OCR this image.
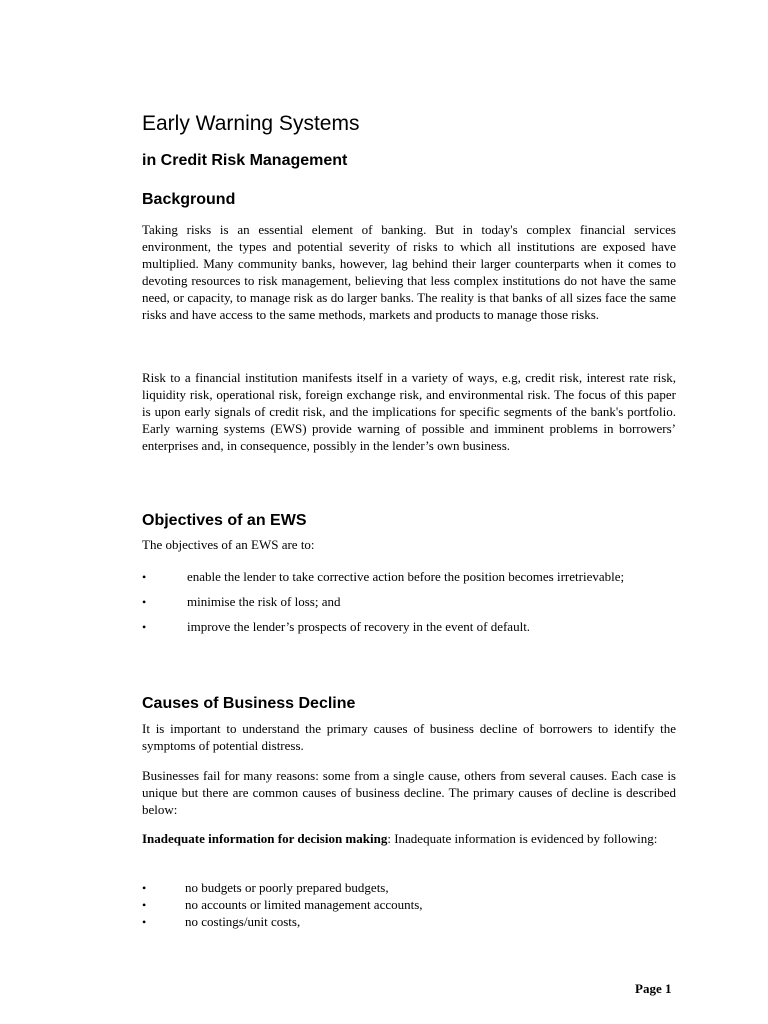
Early Warning Systems
in Credit Risk Management
Background

Taking risks is an essential element of banking. But in today's complex financial services environment, the types and potential severity of risks to which all institutions are exposed have multiplied. Many community banks, however, lag behind their larger counterparts when it comes to devoting resources to risk management, believing that less complex institutions do not have the same need, or capacity, to manage risk as do larger banks. The reality is that banks of all sizes face the same risks and have access to the same methods, markets and products to manage those risks.

Risk to a financial institution manifests itself in a variety of ways, e.g, credit risk, interest rate risk, liquidity risk, operational risk, foreign exchange risk, and environmental risk. The focus of this paper is upon early signals of credit risk, and the implications for specific segments of the bank's portfolio. Early warning systems (EWS) provide warning of possible and imminent problems in borrowers’ enterprises and, in consequence, possibly in the lender’s own business.

Objectives of an EWS

The objectives of an EWS are to:

•	enable the lender to take corrective action before the position becomes irretrievable;
•	minimise the risk of loss; and
•	improve the lender’s prospects of recovery in the event of default.
Causes of Business Decline

It is important to understand the primary causes of business decline of borrowers to identify the symptoms of potential distress.

Businesses fail for many reasons: some from a single cause, others from several causes. Each case is unique but there are common causes of business decline. The primary causes of decline is described below:

Inadequate information for decision making: Inadequate information is evidenced by following:

•	no budgets or poorly prepared budgets,
•	no accounts or limited management accounts,
•	no costings/unit costs,

Page 1
